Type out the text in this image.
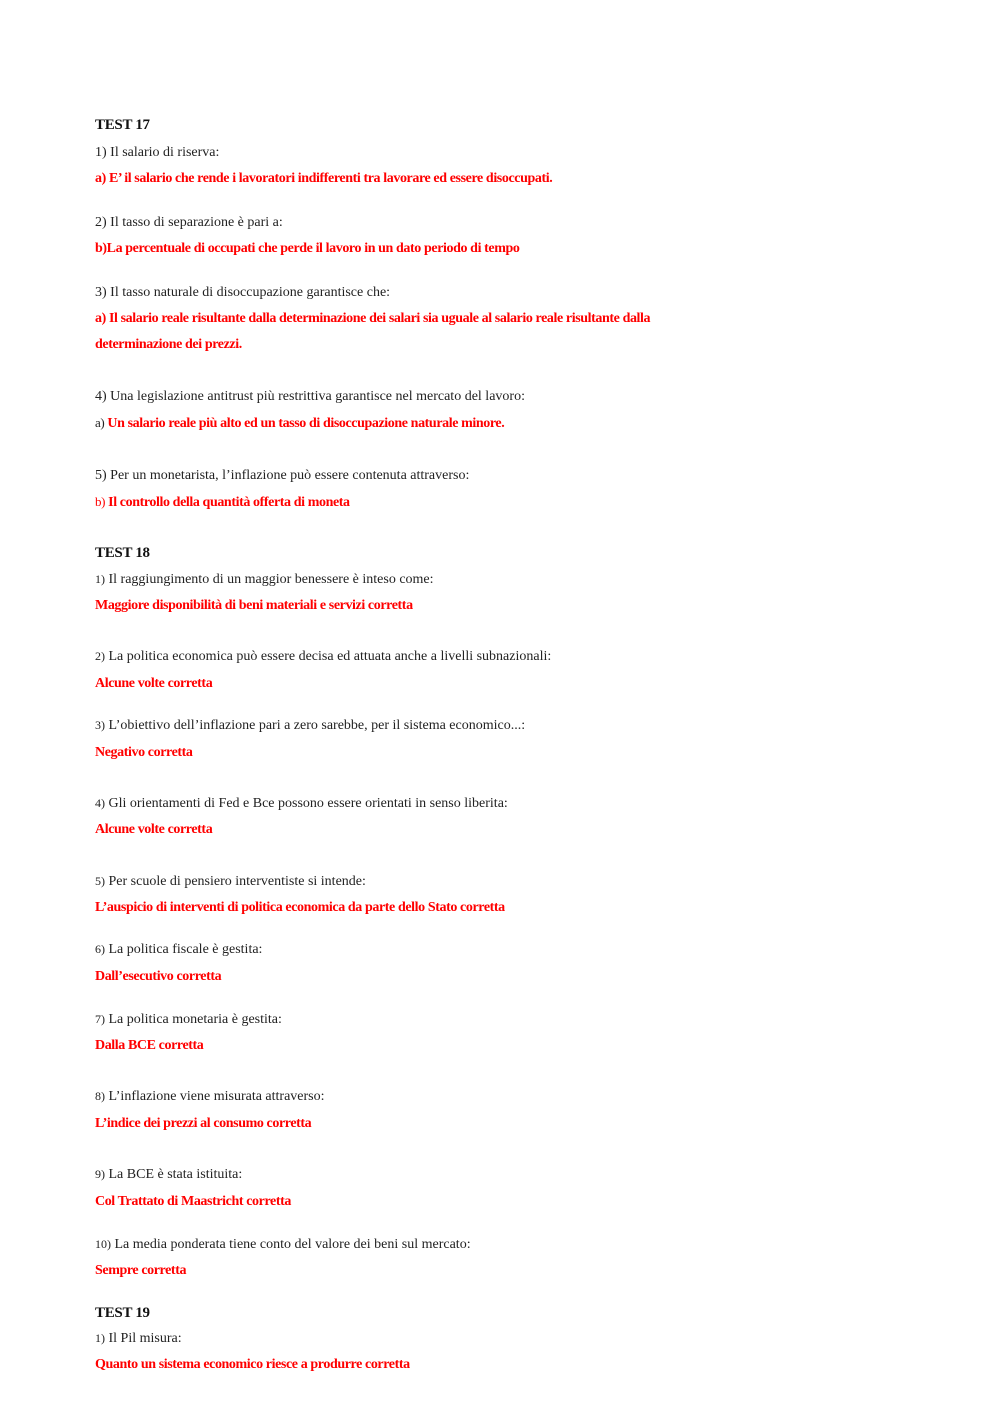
TEST 17
1) Il salario di riserva:
a) E’ il salario che rende i lavoratori indifferenti tra lavorare ed essere disoccupati.
2) Il tasso di separazione è pari a:
b)La percentuale di occupati che perde il lavoro in un dato periodo di tempo
3) Il tasso naturale di disoccupazione garantisce che:
a) Il salario reale risultante dalla determinazione dei salari sia uguale al salario reale risultante dalla
determinazione dei prezzi.
4) Una legislazione antitrust più restrittiva garantisce nel mercato del lavoro:
a) Un salario reale più alto ed un tasso di disoccupazione naturale minore.
5) Per un monetarista, l’inflazione può essere contenuta attraverso:
b) Il controllo della quantità offerta di moneta
TEST 18
1) Il raggiungimento di un maggior benessere è inteso come:
Maggiore disponibilità di beni materiali e servizi corretta
2) La politica economica può essere decisa ed attuata anche a livelli subnazionali:
Alcune volte corretta
3) L’obiettivo dell’inflazione pari a zero sarebbe, per il sistema economico...:
Negativo corretta
4) Gli orientamenti di Fed e Bce possono essere orientati in senso liberita:
Alcune volte corretta
5) Per scuole di pensiero interventiste si intende:
L’auspicio di interventi di politica economica da parte dello Stato corretta
6) La politica fiscale è gestita:
Dall’esecutivo corretta
7) La politica monetaria è gestita:
Dalla BCE corretta
8) L’inflazione viene misurata attraverso:
L’indice dei prezzi al consumo corretta
9) La BCE è stata istituita:
Col Trattato di Maastricht corretta
10) La media ponderata tiene conto del valore dei beni sul mercato:
Sempre corretta
TEST 19
1) Il Pil misura:
Quanto un sistema economico riesce a produrre corretta
